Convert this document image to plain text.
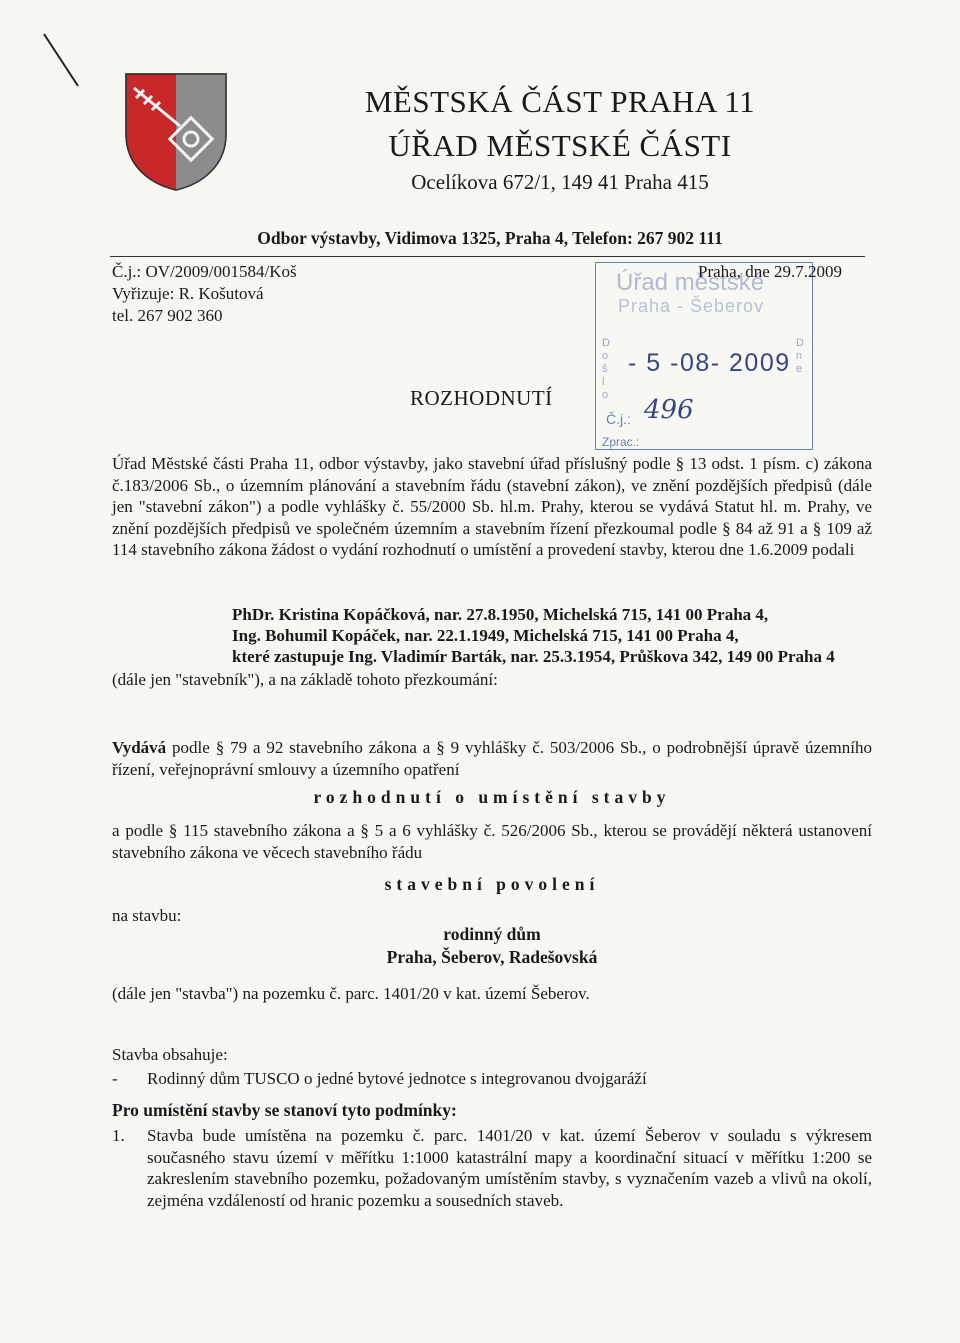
MĚSTSKÁ ČÁST PRAHA 11
ÚŘAD MĚSTSKÉ ČÁSTI
Ocelíkova 672/1, 149 41 Praha 415
Odbor výstavby, Vidimova 1325, Praha 4, Telefon: 267 902 111
Č.j.: OV/2009/001584/Koš
Vyřizuje: R. Košutová
tel. 267 902 360
Úřad městské
Praha - Šeberov
D
o
š
l
o
D
n
e
- 5 -08- 2009
Č.j.: 496
Zprac.:
Praha, dne 29.7.2009
ROZHODNUTÍ
Úřad Městské části Praha 11, odbor výstavby, jako stavební úřad příslušný podle § 13 odst. 1 písm. c) zákona č.183/2006 Sb., o územním plánování a stavebním řádu (stavební zákon), ve znění pozdějších předpisů (dále jen "stavební zákon") a podle vyhlášky č. 55/2000 Sb. hl.m. Prahy, kterou se vydává Statut hl. m. Prahy, ve znění pozdějších předpisů ve společném územním a stavebním řízení přezkoumal podle § 84 až 91 a § 109 až 114 stavebního zákona žádost o vydání rozhodnutí o umístění a provedení stavby, kterou dne 1.6.2009 podali
PhDr. Kristina Kopáčková, nar. 27.8.1950, Michelská 715, 141 00 Praha 4,
Ing. Bohumil Kopáček, nar. 22.1.1949, Michelská 715, 141 00 Praha 4,
které zastupuje Ing. Vladimír Barták, nar. 25.3.1954, Průškova 342, 149 00 Praha 4
(dále jen "stavebník"), a na základě tohoto přezkoumání:
Vydává podle § 79 a 92 stavebního zákona a § 9 vyhlášky č. 503/2006 Sb., o podrobnější úpravě územního řízení, veřejnoprávní smlouvy a územního opatření
rozhodnutí o umístění stavby
a podle § 115 stavebního zákona a § 5 a 6 vyhlášky č. 526/2006 Sb., kterou se provádějí některá ustanovení stavebního zákona ve věcech stavebního řádu
stavební povolení
na stavbu:
rodinný dům
Praha, Šeberov, Radešovská
(dále jen "stavba") na pozemku č. parc. 1401/20 v kat. území Šeberov.
Stavba obsahuje:
- Rodinný dům TUSCO o jedné bytové jednotce s integrovanou dvojgaráží
Pro umístění stavby se stanoví tyto podmínky:
1. Stavba bude umístěna na pozemku č. parc. 1401/20 v kat. území Šeberov v souladu s výkresem současného stavu území v měřítku 1:1000 katastrální mapy a koordinační situací v měřítku 1:200 se zakreslením stavebního pozemku, požadovaným umístěním stavby, s vyznačením vazeb a vlivů na okolí, zejména vzdáleností od hranic pozemku a sousedních staveb.
